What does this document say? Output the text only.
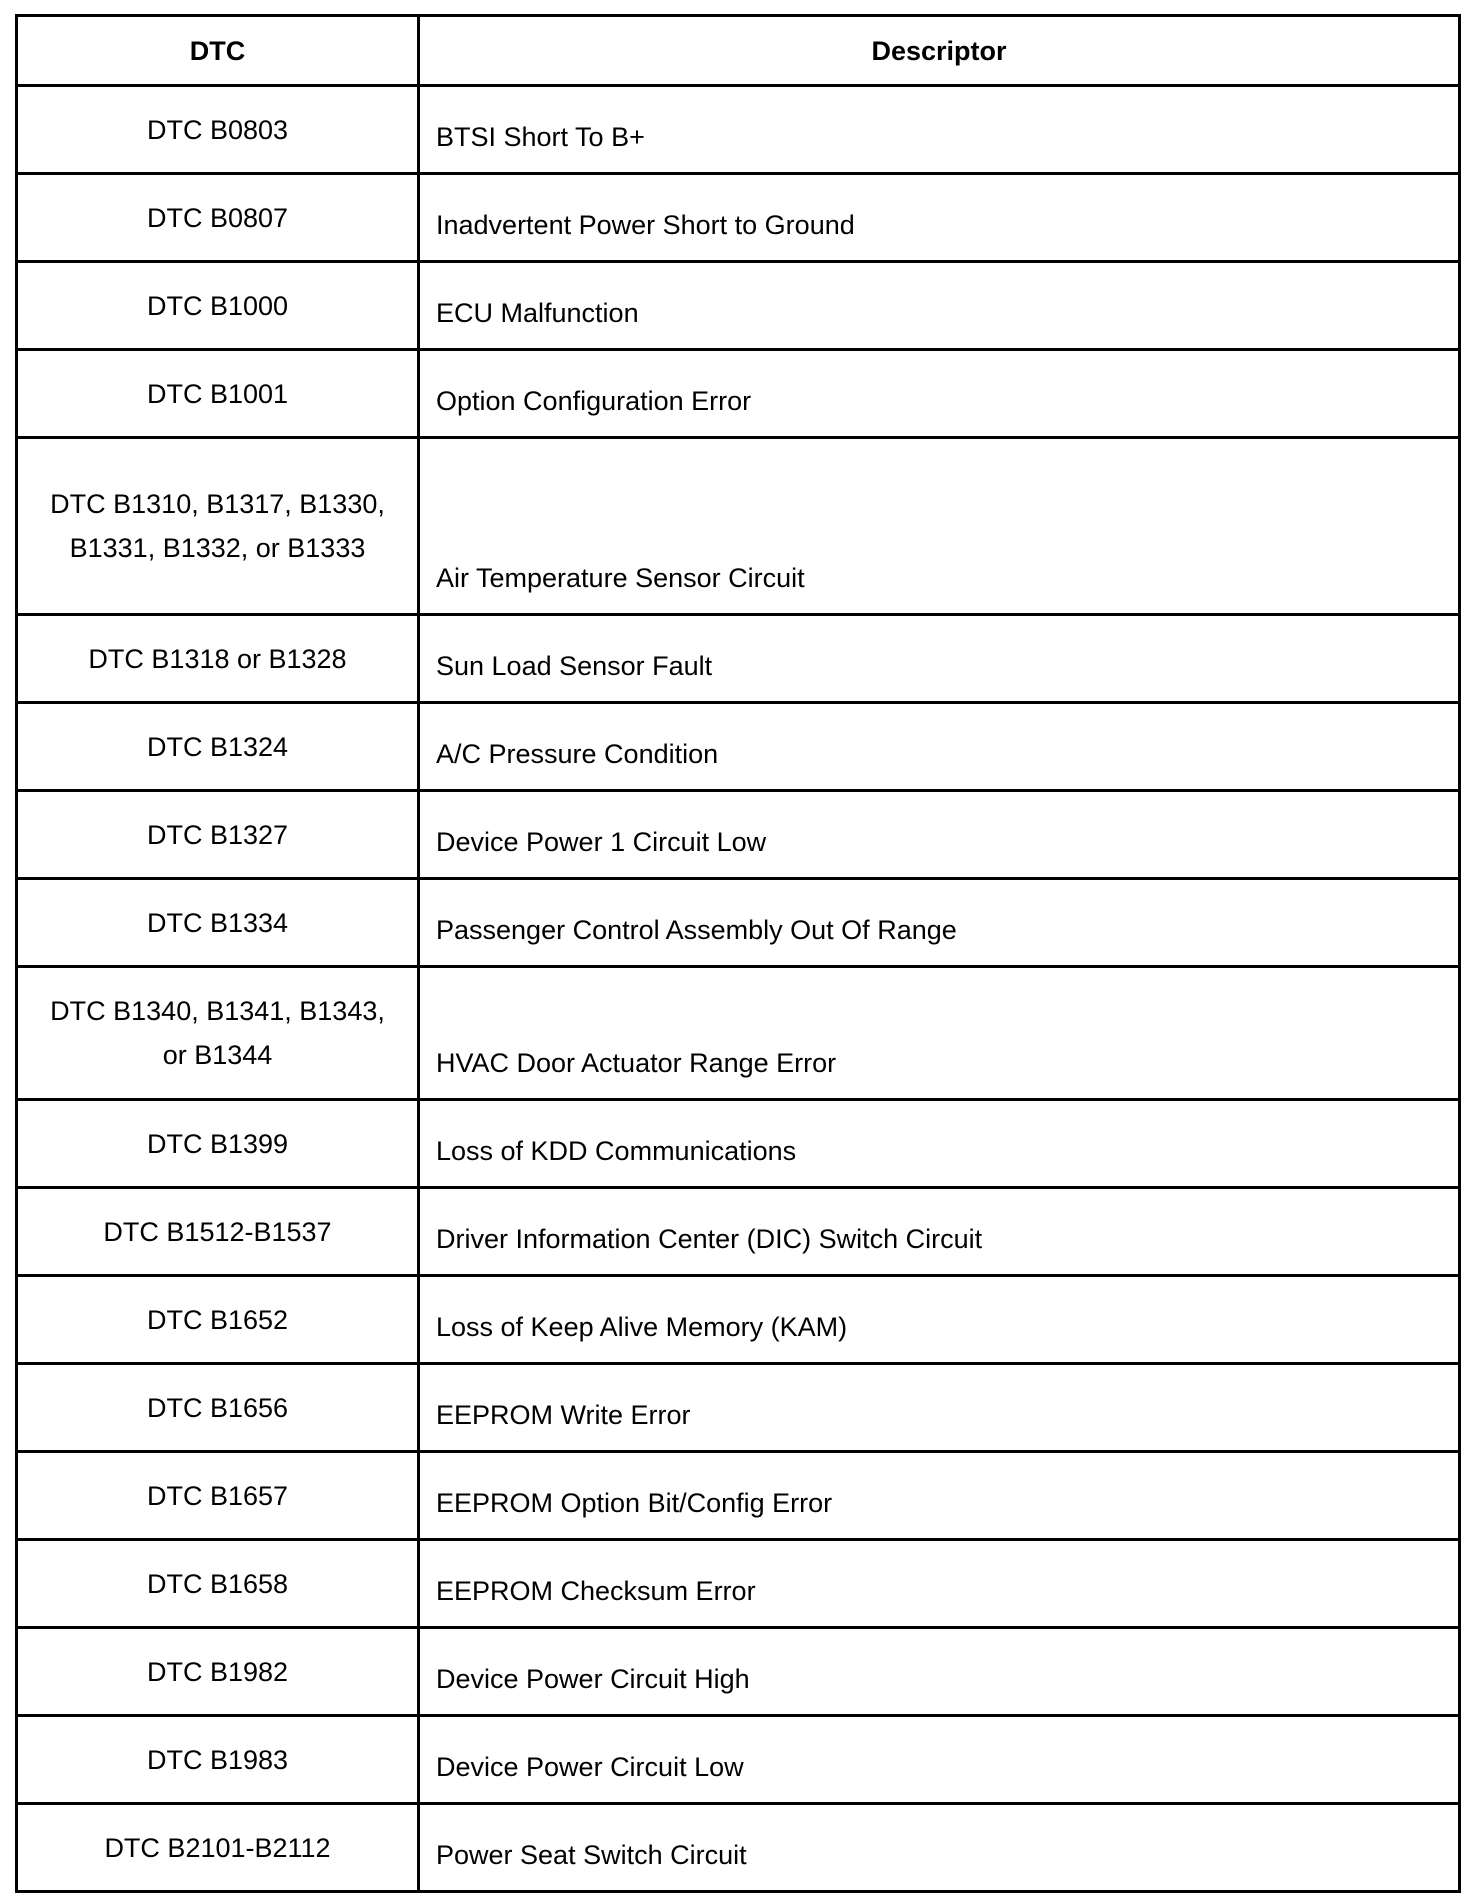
DTC	Descriptor
DTC B0803	BTSI Short To B+
DTC B0807	Inadvertent Power Short to Ground
DTC B1000	ECU Malfunction
DTC B1001	Option Configuration Error
DTC B1310, B1317, B1330, B1331, B1332, or B1333	Air Temperature Sensor Circuit
DTC B1318 or B1328	Sun Load Sensor Fault
DTC B1324	A/C Pressure Condition
DTC B1327	Device Power 1 Circuit Low
DTC B1334	Passenger Control Assembly Out Of Range
DTC B1340, B1341, B1343, or B1344	HVAC Door Actuator Range Error
DTC B1399	Loss of KDD Communications
DTC B1512-B1537	Driver Information Center (DIC) Switch Circuit
DTC B1652	Loss of Keep Alive Memory (KAM)
DTC B1656	EEPROM Write Error
DTC B1657	EEPROM Option Bit/Config Error
DTC B1658	EEPROM Checksum Error
DTC B1982	Device Power Circuit High
DTC B1983	Device Power Circuit Low
DTC B2101-B2112	Power Seat Switch Circuit
